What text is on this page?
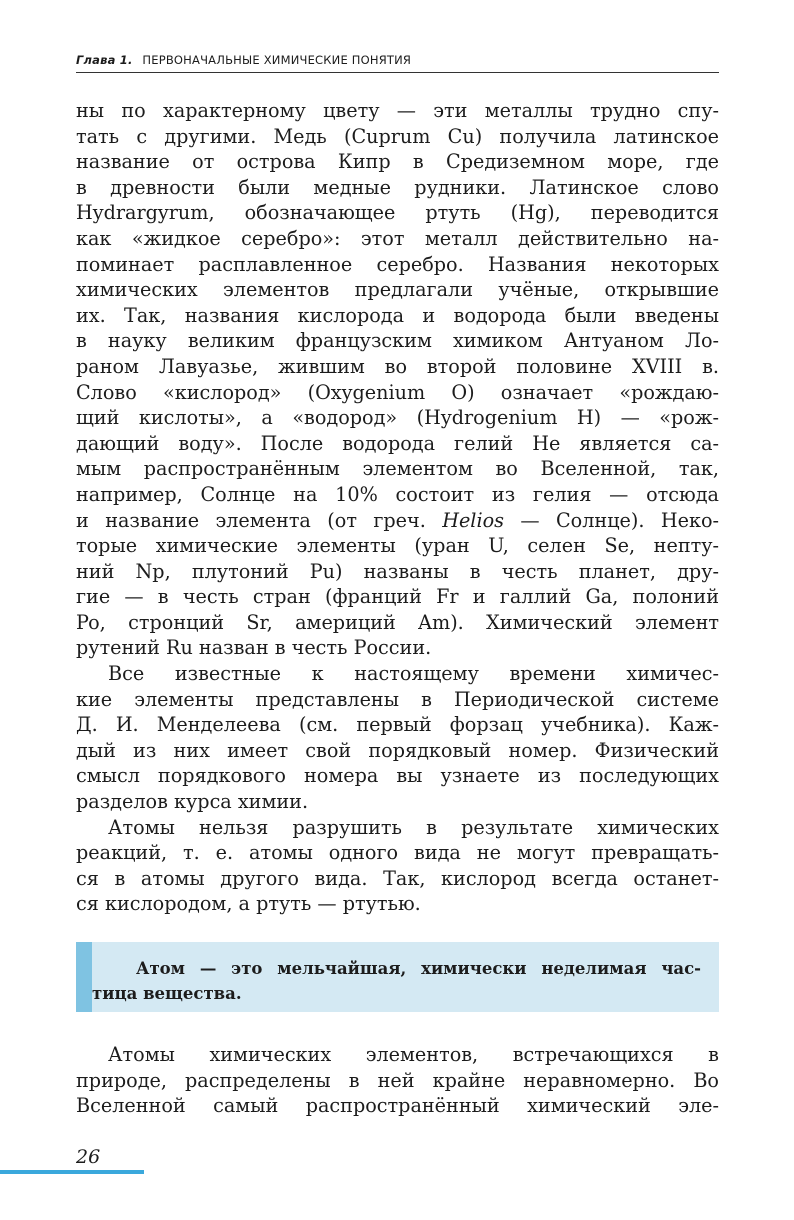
Глава 1. ПЕРВОНАЧАЛЬНЫЕ ХИМИЧЕСКИЕ ПОНЯТИЯ
ны по характерному цвету — эти металлы трудно спу-
тать с другими. Медь (Cuprum Cu) получила латинское
название от острова Кипр в Средиземном море, где
в древности были медные рудники. Латинское слово
Hydrargyrum, обозначающее ртуть (Hg), переводится
как «жидкое серебро»: этот металл действительно на-
поминает расплавленное серебро. Названия некоторых
химических элементов предлагали учёные, открывшие
их. Так, названия кислорода и водорода были введены
в науку великим французским химиком Антуаном Ло-
раном Лавуазье, жившим во второй половине XVIII в.
Слово «кислород» (Oxygenium O) означает «рождаю-
щий кислоты», а «водород» (Hydrogenium H) — «рож-
дающий воду». После водорода гелий He является са-
мым распространённым элементом во Вселенной, так,
например, Солнце на 10% состоит из гелия — отсюда
и название элемента (от греч. Helios — Солнце). Неко-
торые химические элементы (уран U, селен Se, непту-
ний Np, плутоний Pu) названы в честь планет, дру-
гие — в честь стран (франций Fr и галлий Ga, полоний
Po, стронций Sr, америций Am). Химический элемент
рутений Ru назван в честь России.
Все известные к настоящему времени химичес-
кие элементы представлены в Периодической системе
Д. И. Менделеева (см. первый форзац учебника). Каж-
дый из них имеет свой порядковый номер. Физический
смысл порядкового номера вы узнаете из последующих
разделов курса химии.
Атомы нельзя разрушить в результате химических
реакций, т. е. атомы одного вида не могут превращать-
ся в атомы другого вида. Так, кислород всегда останет-
ся кислородом, а ртуть — ртутью.
Атом — это мельчайшая, химически неделимая час-
тица вещества.
Атомы химических элементов, встречающихся в
природе, распределены в ней крайне неравномерно. Во
Вселенной самый распространённый химический эле-
26
